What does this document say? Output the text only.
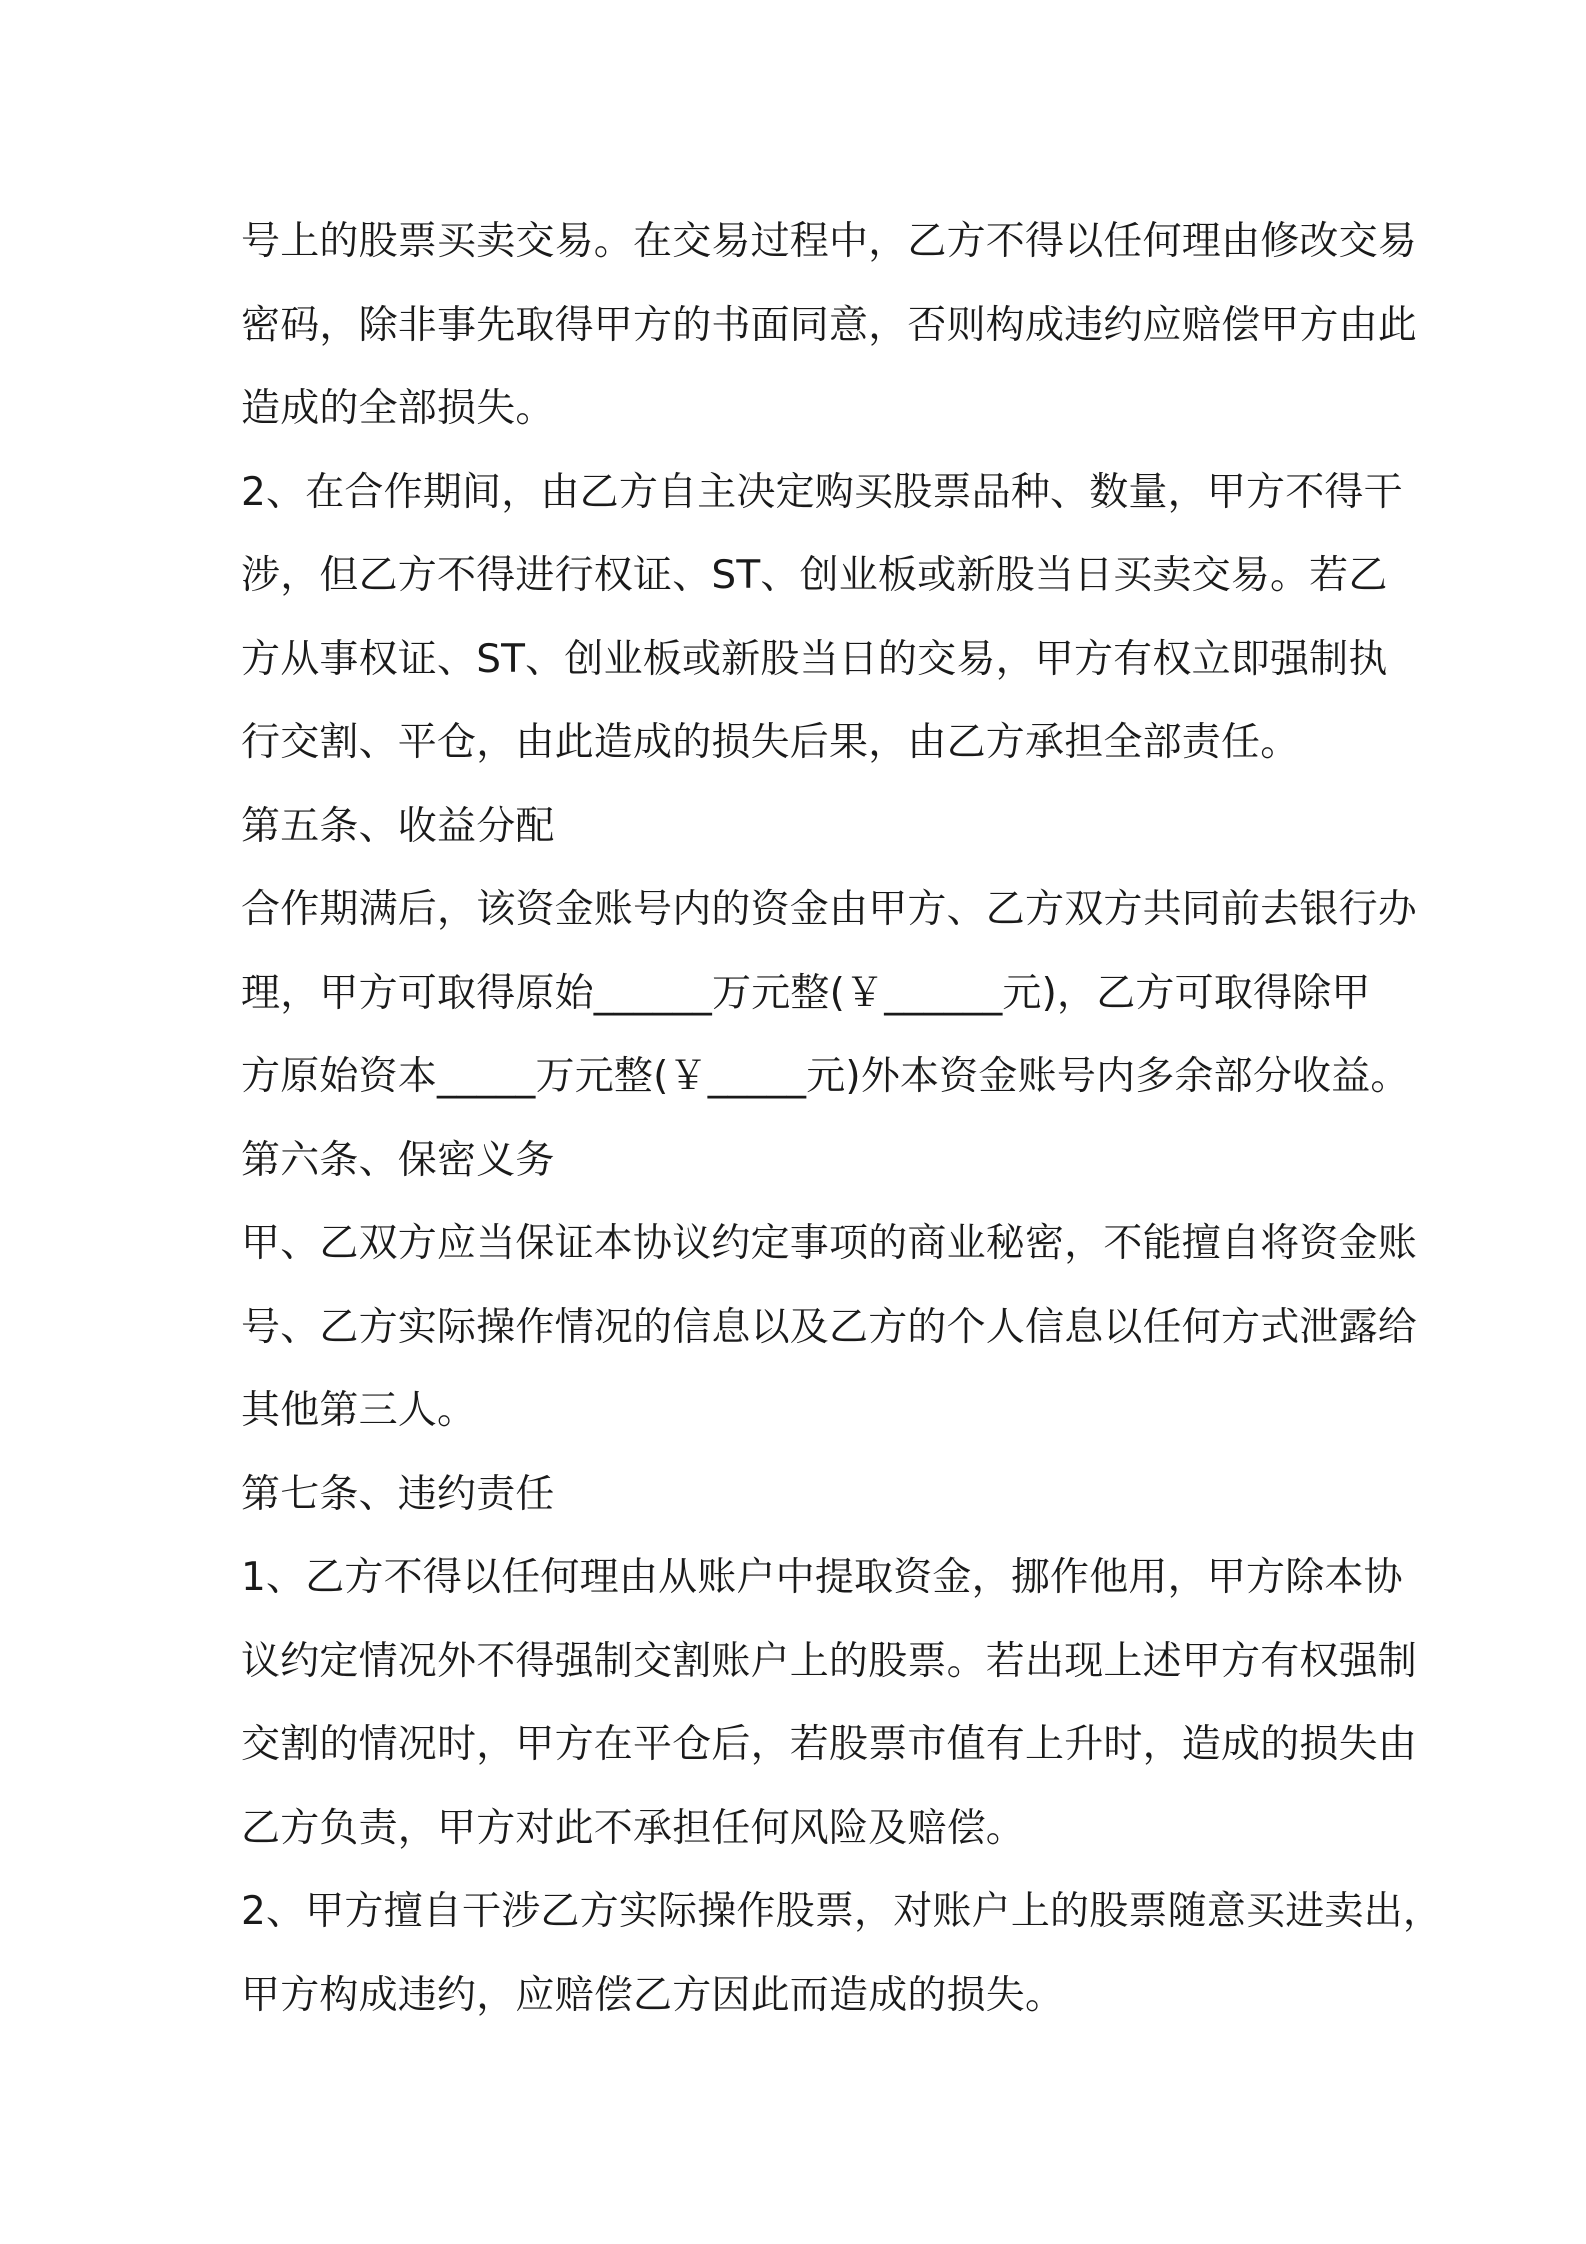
号上的股票买卖交易。在交易过程中，乙方不得以任何理由修改交易
密码，除非事先取得甲方的书面同意，否则构成违约应赔偿甲方由此
造成的全部损失。
2、在合作期间，由乙方自主决定购买股票品种、数量，甲方不得干
涉，但乙方不得进行权证、ST、创业板或新股当日买卖交易。若乙
方从事权证、ST、创业板或新股当日的交易，甲方有权立即强制执
行交割、平仓，由此造成的损失后果，由乙方承担全部责任。
第五条、收益分配
合作期满后，该资金账号内的资金由甲方、乙方双方共同前去银行办
理，甲方可取得原始______万元整(￥______元)，乙方可取得除甲
方原始资本_____万元整(￥_____元)外本资金账号内多余部分收益。
第六条、保密义务
甲、乙双方应当保证本协议约定事项的商业秘密，不能擅自将资金账
号、乙方实际操作情况的信息以及乙方的个人信息以任何方式泄露给
其他第三人。
第七条、违约责任
1、乙方不得以任何理由从账户中提取资金，挪作他用，甲方除本协
议约定情况外不得强制交割账户上的股票。若出现上述甲方有权强制
交割的情况时，甲方在平仓后，若股票市值有上升时，造成的损失由
乙方负责，甲方对此不承担任何风险及赔偿。
2、甲方擅自干涉乙方实际操作股票，对账户上的股票随意买进卖出，
甲方构成违约，应赔偿乙方因此而造成的损失。
